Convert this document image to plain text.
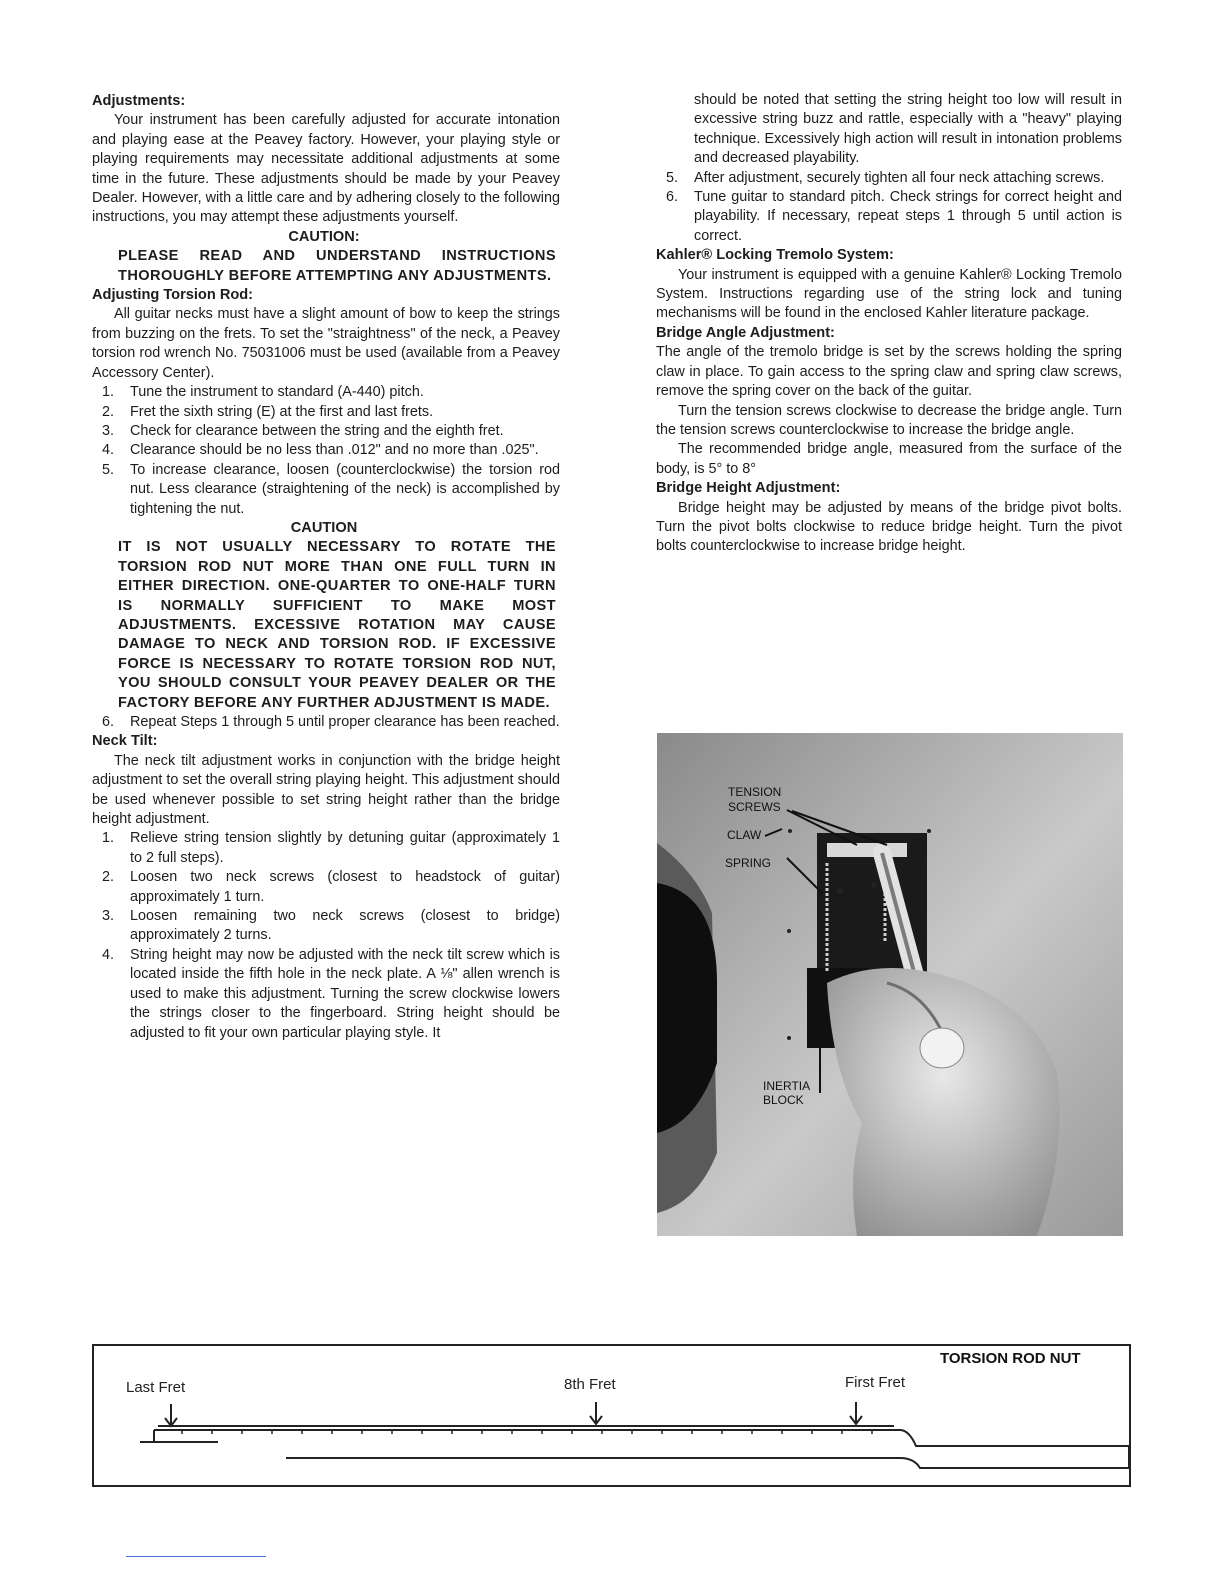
Adjustments:

Your instrument has been carefully adjusted for accurate intonation and playing ease at the Peavey factory. However, your playing style or playing requirements may necessitate additional adjustments at some time in the future. These adjustments should be made by your Peavey Dealer. However, with a little care and by adhering closely to the following instructions, you may attempt these adjustments yourself.

CAUTION:
PLEASE READ AND UNDERSTAND INSTRUCTIONS THOROUGHLY BEFORE ATTEMPTING ANY ADJUSTMENTS.
Adjusting Torsion Rod:

All guitar necks must have a slight amount of bow to keep the strings from buzzing on the frets. To set the "straightness" of the neck, a Peavey torsion rod wrench No. 75031006 must be used (available from a Peavey Accessory Center).

1. Tune the instrument to standard (A-440) pitch.
2. Fret the sixth string (E) at the first and last frets.
3. Check for clearance between the string and the eighth fret.
4. Clearance should be no less than .012" and no more than .025".
5. To increase clearance, loosen (counterclockwise) the torsion rod nut. Less clearance (straightening of the neck) is accomplished by tightening the nut.
CAUTION
IT IS NOT USUALLY NECESSARY TO ROTATE THE TORSION ROD NUT MORE THAN ONE FULL TURN IN EITHER DIRECTION. ONE-QUARTER TO ONE-HALF TURN IS NORMALLY SUFFICIENT TO MAKE MOST ADJUSTMENTS. EXCESSIVE ROTATION MAY CAUSE DAMAGE TO NECK AND TORSION ROD. IF EXCESSIVE FORCE IS NECESSARY TO ROTATE TORSION ROD NUT, YOU SHOULD CONSULT YOUR PEAVEY DEALER OR THE FACTORY BEFORE ANY FURTHER ADJUSTMENT IS MADE.
6. Repeat Steps 1 through 5 until proper clearance has been reached.
Neck Tilt:

The neck tilt adjustment works in conjunction with the bridge height adjustment to set the overall string playing height. This adjustment should be used whenever possible to set string height rather than the bridge height adjustment.

1. Relieve string tension slightly by detuning guitar (approximately 1 to 2 full steps).
2. Loosen two neck screws (closest to headstock of guitar) approximately 1 turn.
3. Loosen remaining two neck screws (closest to bridge) approximately 2 turns.
4. String height may now be adjusted with the neck tilt screw which is located inside the fifth hole in the neck plate. A ⅛" allen wrench is used to make this adjustment. Turning the screw clockwise lowers the strings closer to the fingerboard. String height should be adjusted to fit your own particular playing style. It
should be noted that setting the string height too low will result in excessive string buzz and rattle, especially with a "heavy" playing technique. Excessively high action will result in intonation problems and decreased playability.
5. After adjustment, securely tighten all four neck attaching screws.
6. Tune guitar to standard pitch. Check strings for correct height and playability. If necessary, repeat steps 1 through 5 until action is correct.
Kahler® Locking Tremolo System:

Your instrument is equipped with a genuine Kahler® Locking Tremolo System. Instructions regarding use of the string lock and tuning mechanisms will be found in the enclosed Kahler literature package.

Bridge Angle Adjustment:

The angle of the tremolo bridge is set by the screws holding the spring claw in place. To gain access to the spring claw and spring claw screws, remove the spring cover on the back of the guitar.

Turn the tension screws clockwise to decrease the bridge angle. Turn the tension screws counterclockwise to increase the bridge angle.

The recommended bridge angle, measured from the surface of the body, is 5° to 8°

Bridge Height Adjustment:

Bridge height may be adjusted by means of the bridge pivot bolts. Turn the pivot bolts clockwise to reduce bridge height. Turn the pivot bolts counterclockwise to increase bridge height.

TENSION
SCREWS
CLAW
SPRING
INERTIA
BLOCK
TORSION ROD NUT
Last Fret	8th Fret	First Fret
